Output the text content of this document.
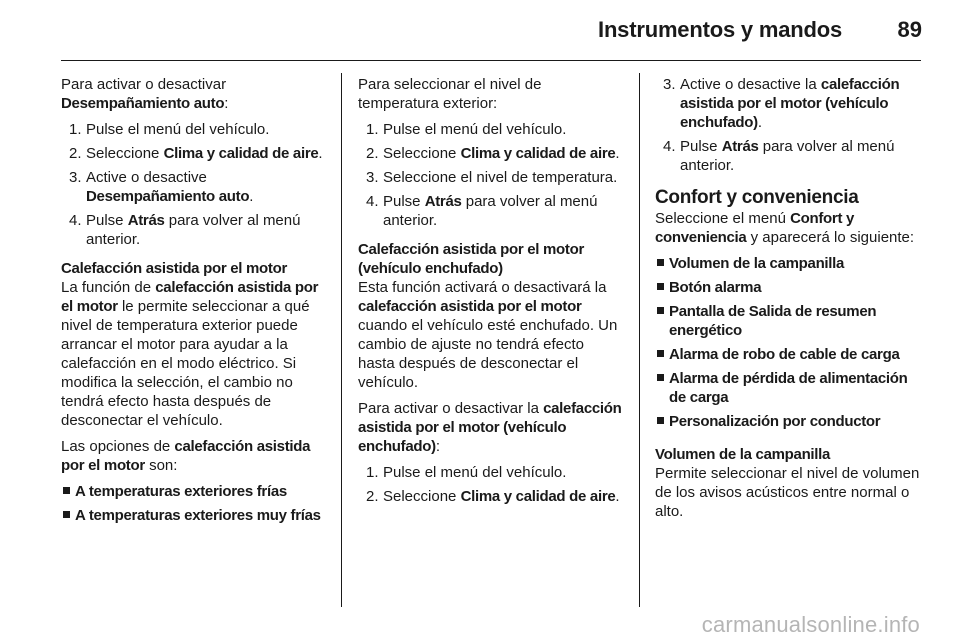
Instrumentos y mandos	89

Para activar o desactivar
Desempañamiento auto:

1. Pulse el menú del vehículo.
2. Seleccione Clima y calidad de aire.
3. Active o desactive Desempañamiento auto.
4. Pulse Atrás para volver al menú anterior.
Calefacción asistida por el motor

La función de calefacción asistida por el motor le permite seleccionar a qué nivel de temperatura exterior puede arrancar el motor para ayudar a la calefacción en el modo eléctrico. Si modifica la selección, el cambio no tendrá efecto hasta después de desconectar el vehículo.

Las opciones de calefacción asistida por el motor son:

A temperaturas exteriores frías
A temperaturas exteriores muy frías

Para seleccionar el nivel de temperatura exterior:

1. Pulse el menú del vehículo.
2. Seleccione Clima y calidad de aire.
3. Seleccione el nivel de temperatura.
4. Pulse Atrás para volver al menú anterior.
Calefacción asistida por el motor (vehículo enchufado)

Esta función activará o desactivará la calefacción asistida por el motor cuando el vehículo esté enchufado. Un cambio de ajuste no tendrá efecto hasta después de desconectar el vehículo.

Para activar o desactivar la calefacción asistida por el motor (vehículo enchufado):

1. Pulse el menú del vehículo.
2. Seleccione Clima y calidad de aire.
3. Active o desactive la calefacción asistida por el motor (vehículo enchufado).
4. Pulse Atrás para volver al menú anterior.
Confort y conveniencia

Seleccione el menú Confort y conveniencia y aparecerá lo siguiente:

Volumen de la campanilla
Botón alarma
Pantalla de Salida de resumen energético
Alarma de robo de cable de carga
Alarma de pérdida de alimentación de carga
Personalización por conductor
Volumen de la campanilla

Permite seleccionar el nivel de volumen de los avisos acústicos entre normal o alto.

carmanualsonline.info
